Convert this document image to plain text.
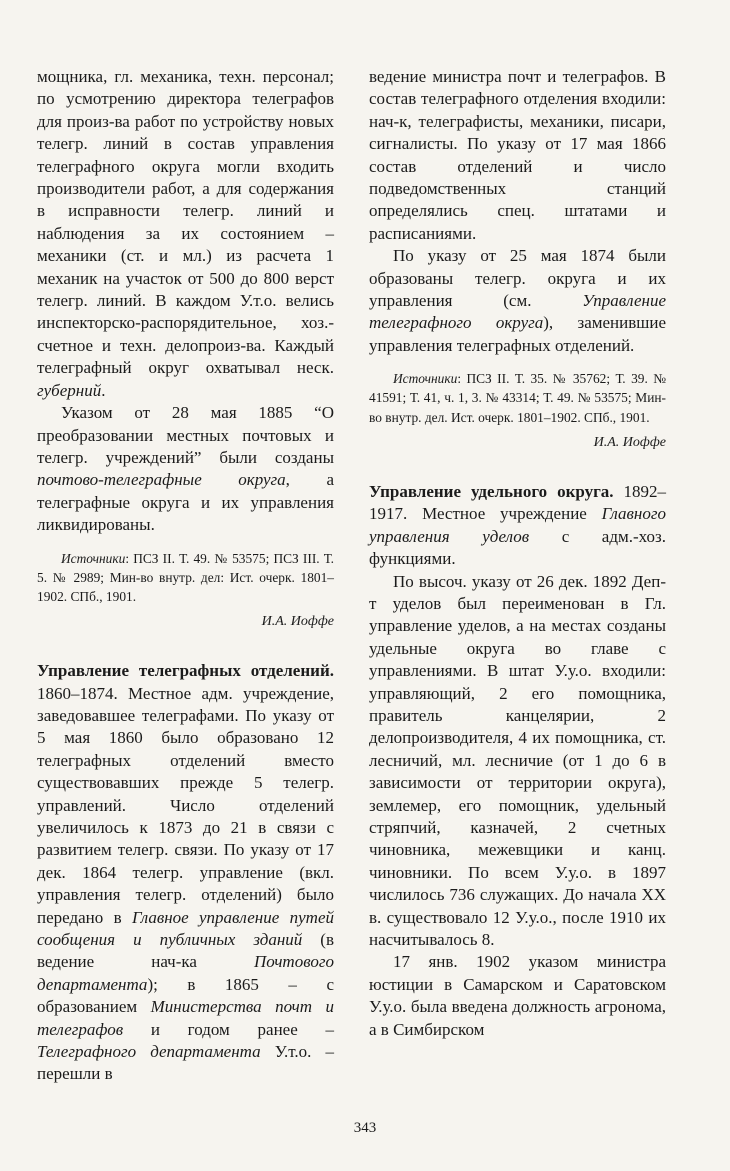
мощника, гл. механика, техн. персонал; по усмотрению директора телеграфов для произ-ва работ по устройству новых телегр. линий в состав управления телеграфного округа могли входить производители работ, а для содержания в исправности телегр. линий и наблюдения за их состоянием – механики (ст. и мл.) из расчета 1 механик на участок от 500 до 800 верст телегр. линий. В каждом У.т.о. велись инспекторско-распорядительное, хоз.-счетное и техн. делопроиз-ва. Каждый телеграфный округ охватывал неск. губерний.

Указом от 28 мая 1885 “О преобразовании местных почтовых и телегр. учреждений” были созданы почтово-телеграфные округа, а телеграфные округа и их управления ликвидированы.

Источники: ПСЗ II. Т. 49. № 53575; ПСЗ III. Т. 5. № 2989; Мин-во внутр. дел: Ист. очерк. 1801–1902. СПб., 1901.

И.А. Иоффе

Управление телеграфных отделений. 1860–1874. Местное адм. учреждение, заведовавшее телеграфами. По указу от 5 мая 1860 было образовано 12 телеграфных отделений вместо существовавших прежде 5 телегр. управлений. Число отделений увеличилось к 1873 до 21 в связи с развитием телегр. связи. По указу от 17 дек. 1864 телегр. управление (вкл. управления телегр. отделений) было передано в Главное управление путей сообщения и публичных зданий (в ведение нач-ка Почтового департамента); в 1865 – с образованием Министерства почт и телеграфов и годом ранее – Телеграфного департамента У.т.о. – перешли в

ведение министра почт и телеграфов. В состав телеграфного отделения входили: нач-к, телеграфисты, механики, писари, сигналисты. По указу от 17 мая 1866 состав отделений и число подведомственных станций определялись спец. штатами и расписаниями.

По указу от 25 мая 1874 были образованы телегр. округа и их управления (см. Управление телеграфного округа), заменившие управления телеграфных отделений.

Источники: ПСЗ II. Т. 35. № 35762; Т. 39. № 41591; Т. 41, ч. 1, 3. № 43314; Т. 49. № 53575; Мин-во внутр. дел. Ист. очерк. 1801–1902. СПб., 1901.

И.А. Иоффе

Управление удельного округа. 1892–1917. Местное учреждение Главного управления уделов с адм.-хоз. функциями.

По высоч. указу от 26 дек. 1892 Деп-т уделов был переименован в Гл. управление уделов, а на местах созданы удельные округа во главе с управлениями. В штат У.у.о. входили: управляющий, 2 его помощника, правитель канцелярии, 2 делопроизводителя, 4 их помощника, ст. лесничий, мл. лесничие (от 1 до 6 в зависимости от территории округа), землемер, его помощник, удельный стряпчий, казначей, 2 счетных чиновника, межевщики и канц. чиновники. По всем У.у.о. в 1897 числилось 736 служащих. До начала XX в. существовало 12 У.у.о., после 1910 их насчитывалось 8.

17 янв. 1902 указом министра юстиции в Самарском и Саратовском У.у.о. была введена должность агронома, а в Симбирском

343
